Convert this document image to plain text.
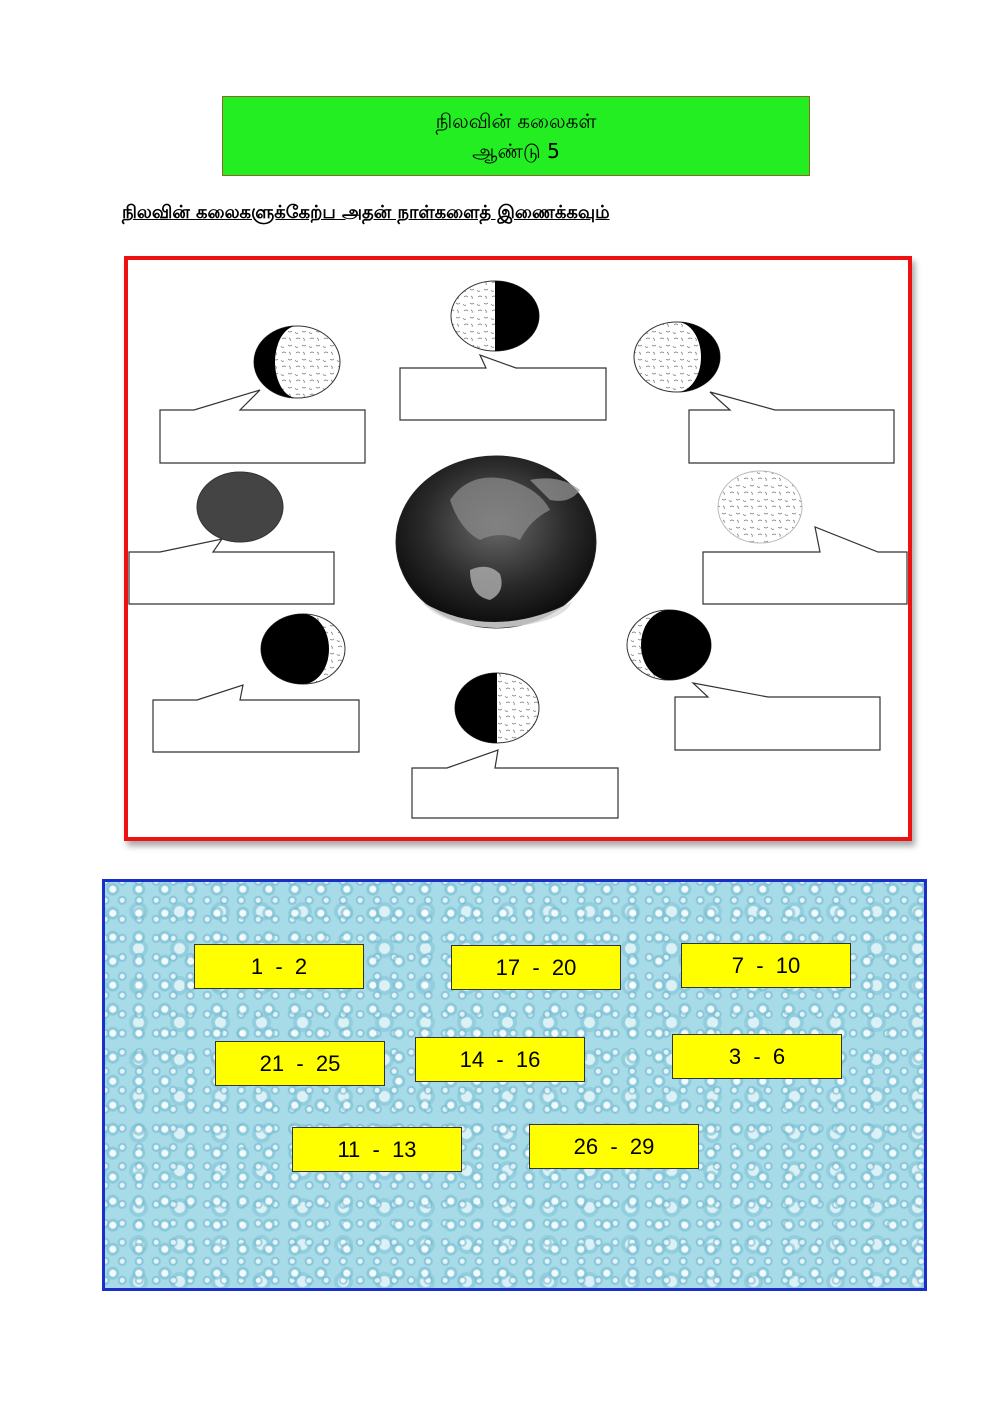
நிலவின் கலைகள்
ஆண்டு 5
நிலவின் கலைகளுக்கேற்ப அதன் நாள்களைத் இணைக்கவும்
1  -  2	17  -  20	7  -  10
21  -  25	14  -  16	3  -  6
11  -  13	26  -  29
